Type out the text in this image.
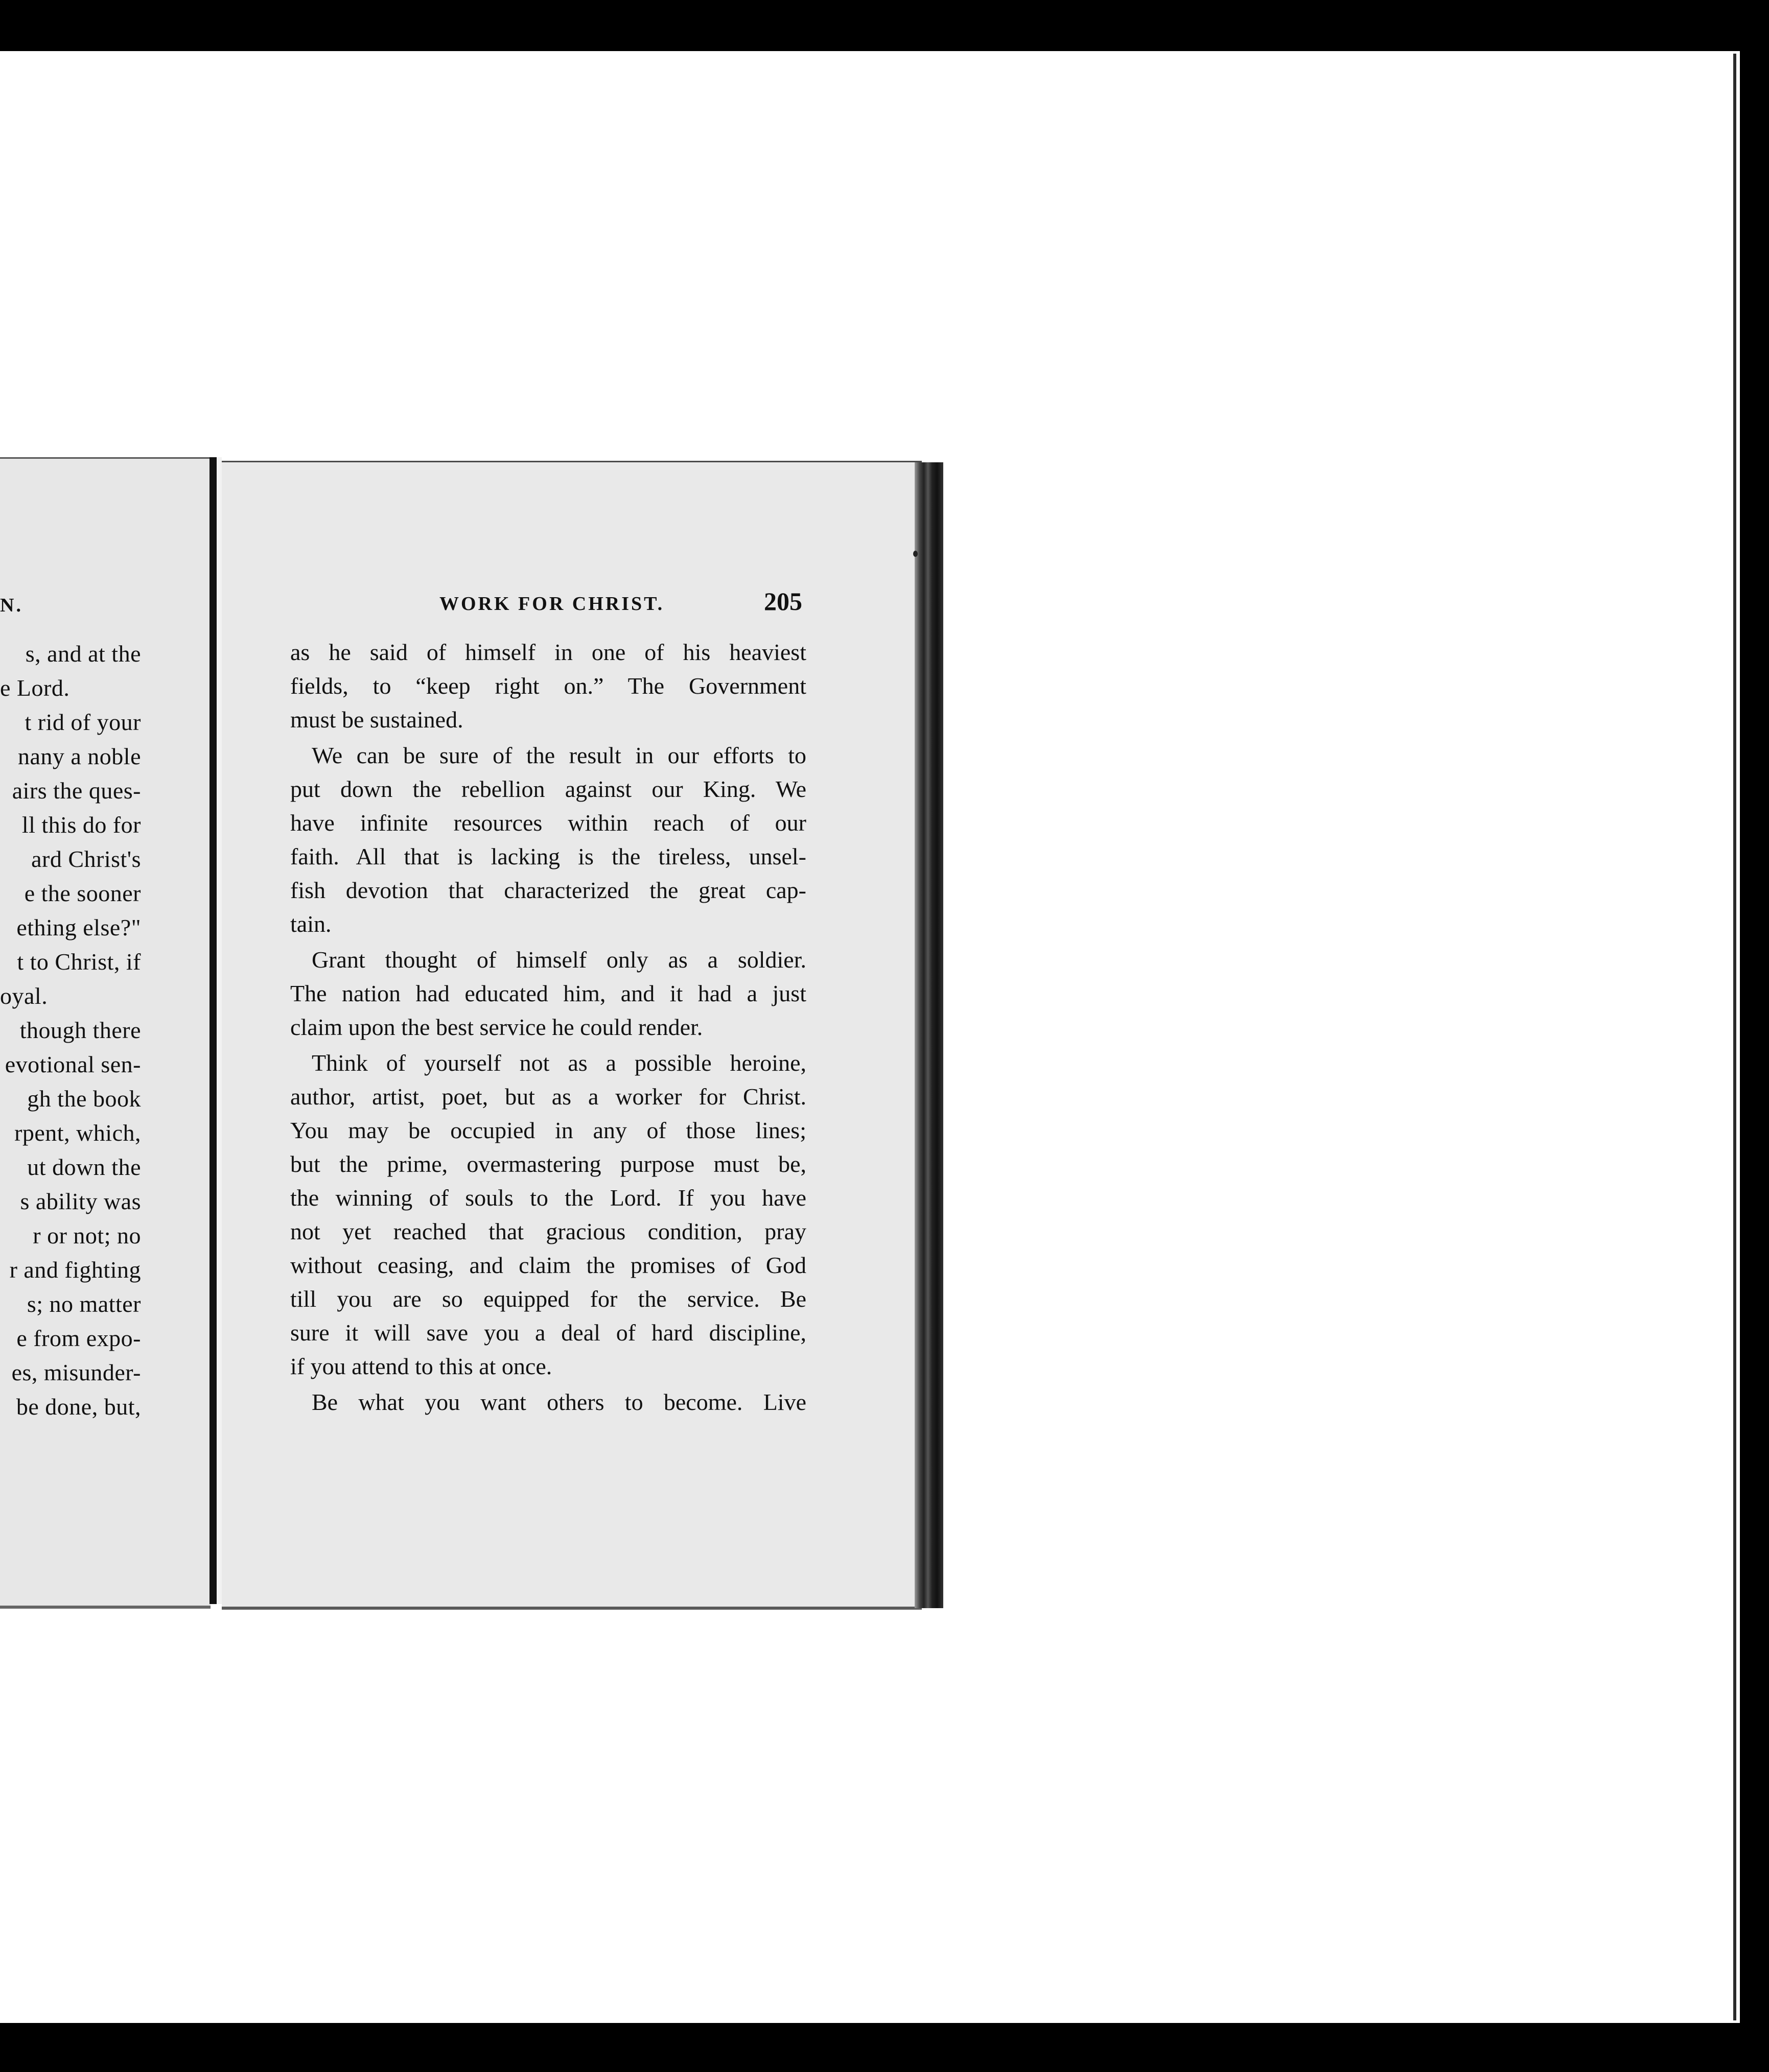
N.
s, and at the
e Lord.
t rid of your
nany a noble
airs the ques-
ll this do for
ard Christ's
e the sooner
ething else?"
t to Christ, if
oyal.
though there
evotional sen-
gh the book
rpent, which,
ut down the
s ability was
r or not; no
r and fighting
s; no matter
e from expo-
es, misunder-
be done, but,
WORK FOR CHRIST.	205
as he said of himself in one of his heaviest
fields, to “keep right on.” The Government
must be sustained.
We can be sure of the result in our efforts to
put down the rebellion against our King. We
have infinite resources within reach of our
faith. All that is lacking is the tireless, unsel-
fish devotion that characterized the great cap-
tain.
Grant thought of himself only as a soldier.
The nation had educated him, and it had a just
claim upon the best service he could render.
Think of yourself not as a possible heroine,
author, artist, poet, but as a worker for Christ.
You may be occupied in any of those lines;
but the prime, overmastering purpose must be,
the winning of souls to the Lord. If you have
not yet reached that gracious condition, pray
without ceasing, and claim the promises of God
till you are so equipped for the service. Be
sure it will save you a deal of hard discipline,
if you attend to this at once.
Be what you want others to become. Live
